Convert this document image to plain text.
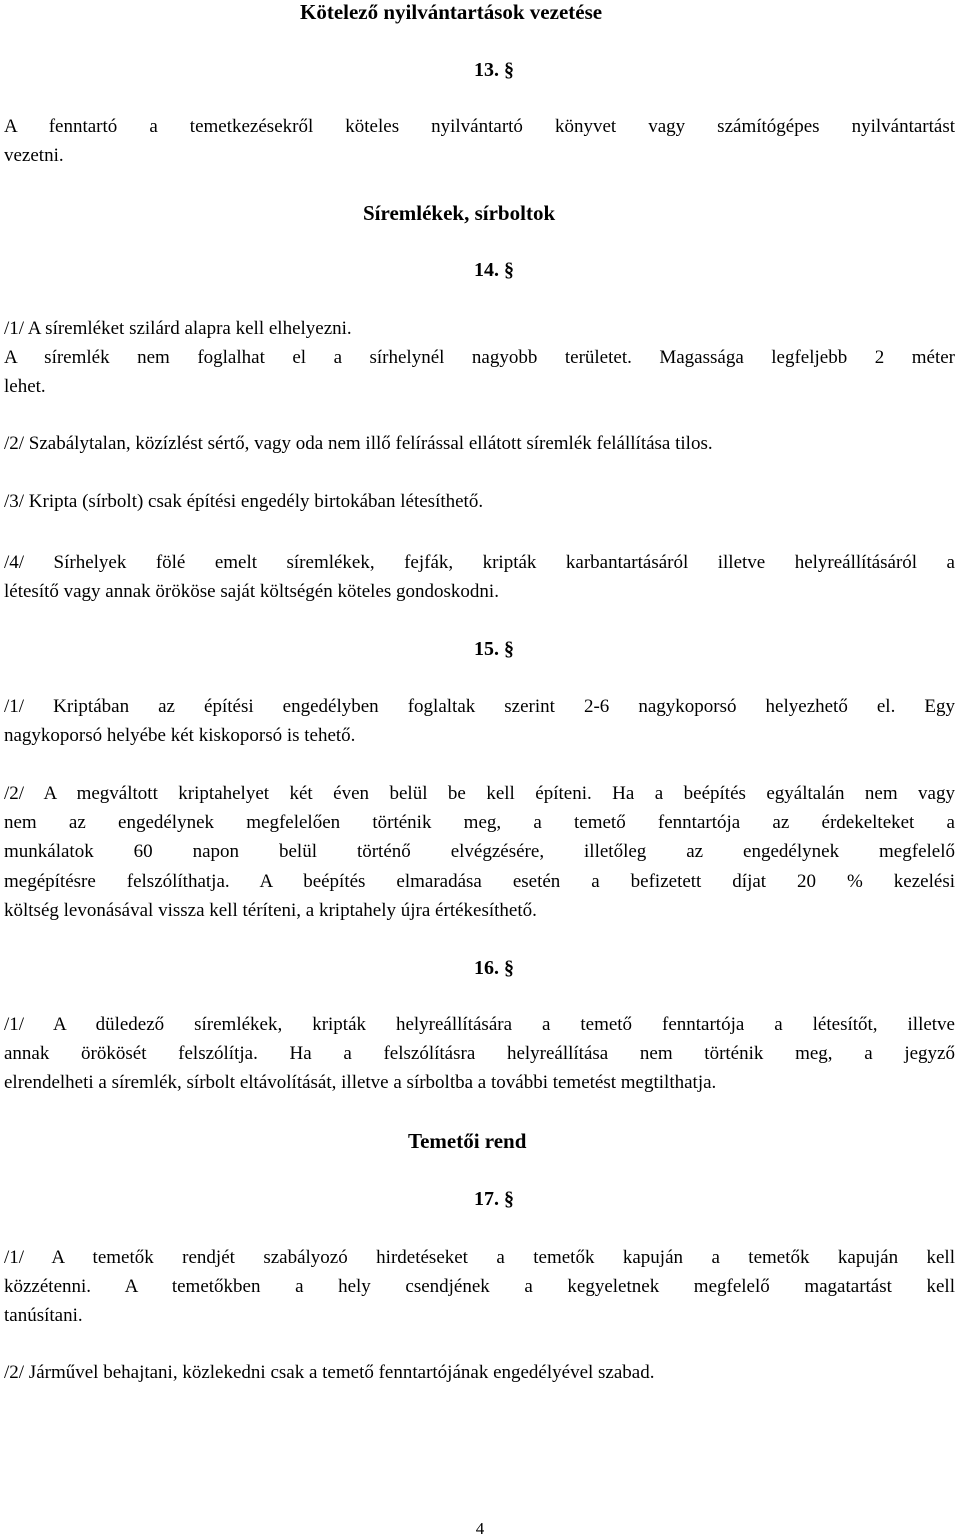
Kötelező nyilvántartások vezetése
13. §
A fenntartó a temetkezésekről köteles nyilvántartó könyvet vagy számítógépes nyilvántartást
vezetni.
Síremlékek, sírboltok
14. §
/1/ A síremléket szilárd alapra kell elhelyezni.
A síremlék nem foglalhat el a sírhelynél nagyobb területet. Magassága legfeljebb 2 méter
lehet.
/2/ Szabálytalan, közízlést sértő, vagy oda nem illő felírással ellátott síremlék felállítása tilos.
/3/ Kripta (sírbolt) csak építési engedély birtokában létesíthető.
/4/ Sírhelyek fölé emelt síremlékek, fejfák, kripták karbantartásáról illetve helyreállításáról a
létesítő vagy annak örököse saját költségén köteles gondoskodni.
15. §
/1/ Kriptában az építési engedélyben foglaltak szerint 2-6 nagykoporsó helyezhető el. Egy
nagykoporsó helyébe két kiskoporsó is tehető.
/2/ A megváltott kriptahelyet két éven belül be kell építeni. Ha a beépítés egyáltalán nem vagy
nem az engedélynek megfelelően történik meg, a temető fenntartója az érdekelteket a
munkálatok 60 napon belül történő elvégzésére, illetőleg az engedélynek megfelelő
megépítésre felszólíthatja. A beépítés elmaradása esetén a befizetett díjat 20 % kezelési
költség levonásával vissza kell téríteni, a kriptahely újra értékesíthető.
16. §
/1/ A düledező síremlékek, kripták helyreállítására a temető fenntartója a létesítőt, illetve
annak örökösét felszólítja. Ha a felszólításra helyreállítása nem történik meg, a jegyző
elrendelheti a síremlék, sírbolt eltávolítását, illetve a sírboltba a további temetést megtilthatja.
Temetői rend
17. §
/1/ A temetők rendjét szabályozó hirdetéseket a temetők kapuján a temetők kapuján kell
közzétenni. A temetőkben a hely csendjének a kegyeletnek megfelelő magatartást kell
tanúsítani.
/2/ Járművel behajtani, közlekedni csak a temető fenntartójának engedélyével szabad.
4
